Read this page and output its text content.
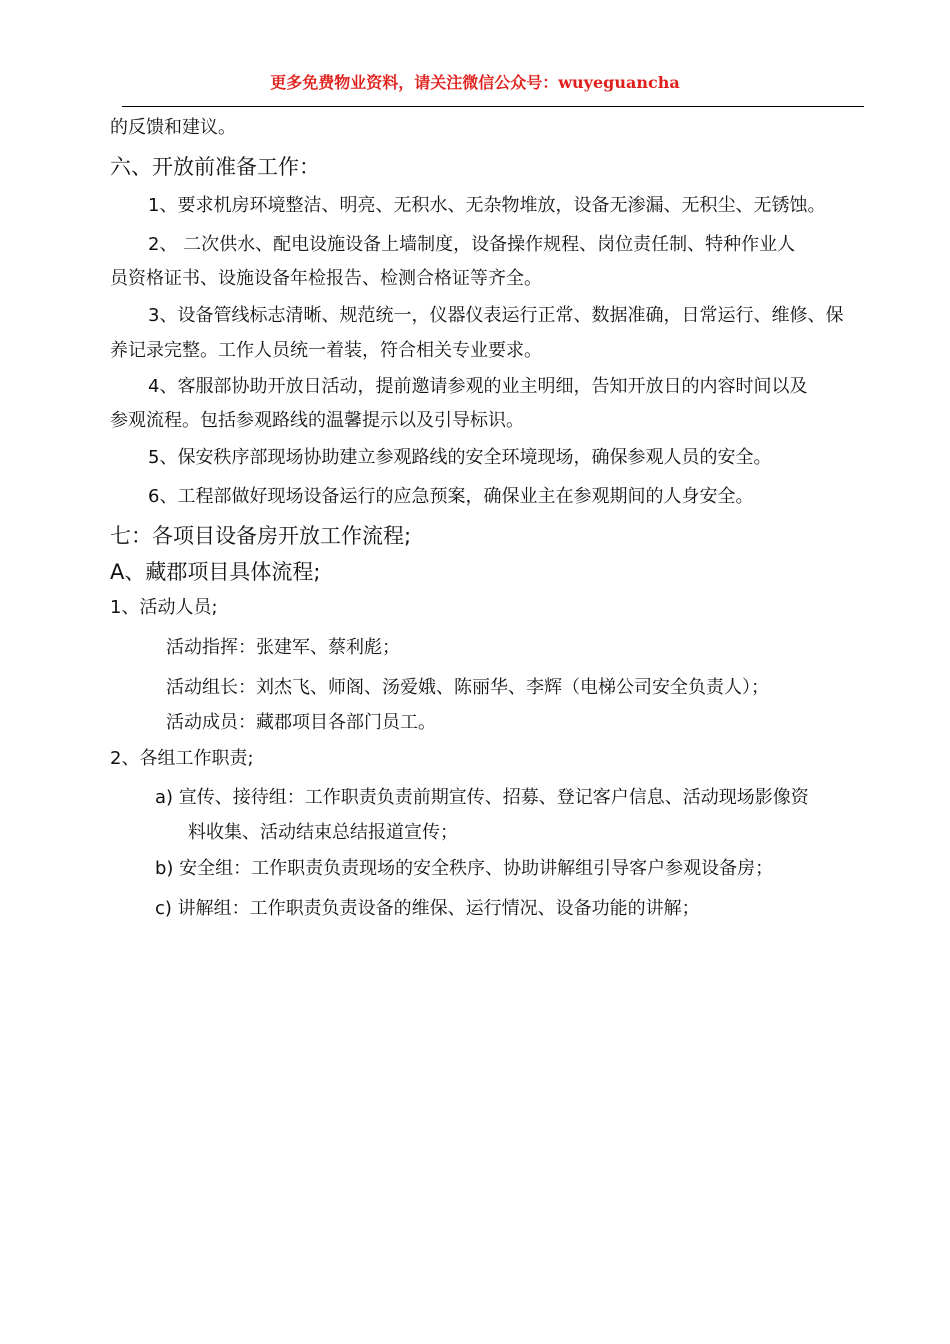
更多免费物业资料，请关注微信公众号：wuyeguancha
的反馈和建议。
六、开放前准备工作：
1、要求机房环境整洁、明亮、无积水、无杂物堆放，设备无渗漏、无积尘、无锈蚀。
2、 二次供水、配电设施设备上墙制度，设备操作规程、岗位责任制、特种作业人
员资格证书、设施设备年检报告、检测合格证等齐全。
3、设备管线标志清晰、规范统一，仪器仪表运行正常、数据准确，日常运行、维修、保
养记录完整。工作人员统一着装，符合相关专业要求。
4、客服部协助开放日活动，提前邀请参观的业主明细，告知开放日的内容时间以及
参观流程。包括参观路线的温馨提示以及引导标识。
5、保安秩序部现场协助建立参观路线的安全环境现场，确保参观人员的安全。
6、工程部做好现场设备运行的应急预案，确保业主在参观期间的人身安全。
七：各项目设备房开放工作流程;
A、藏郡项目具体流程;
1、活动人员;
活动指挥：张建军、蔡利彪；
活动组长：刘杰飞、师阁、汤爱娥、陈丽华、李辉（电梯公司安全负责人）；
活动成员：藏郡项目各部门员工。
2、各组工作职责;
a) 宣传、接待组：工作职责负责前期宣传、招募、登记客户信息、活动现场影像资
料收集、活动结束总结报道宣传；
b) 安全组：工作职责负责现场的安全秩序、协助讲解组引导客户参观设备房；
c) 讲解组：工作职责负责设备的维保、运行情况、设备功能的讲解；
